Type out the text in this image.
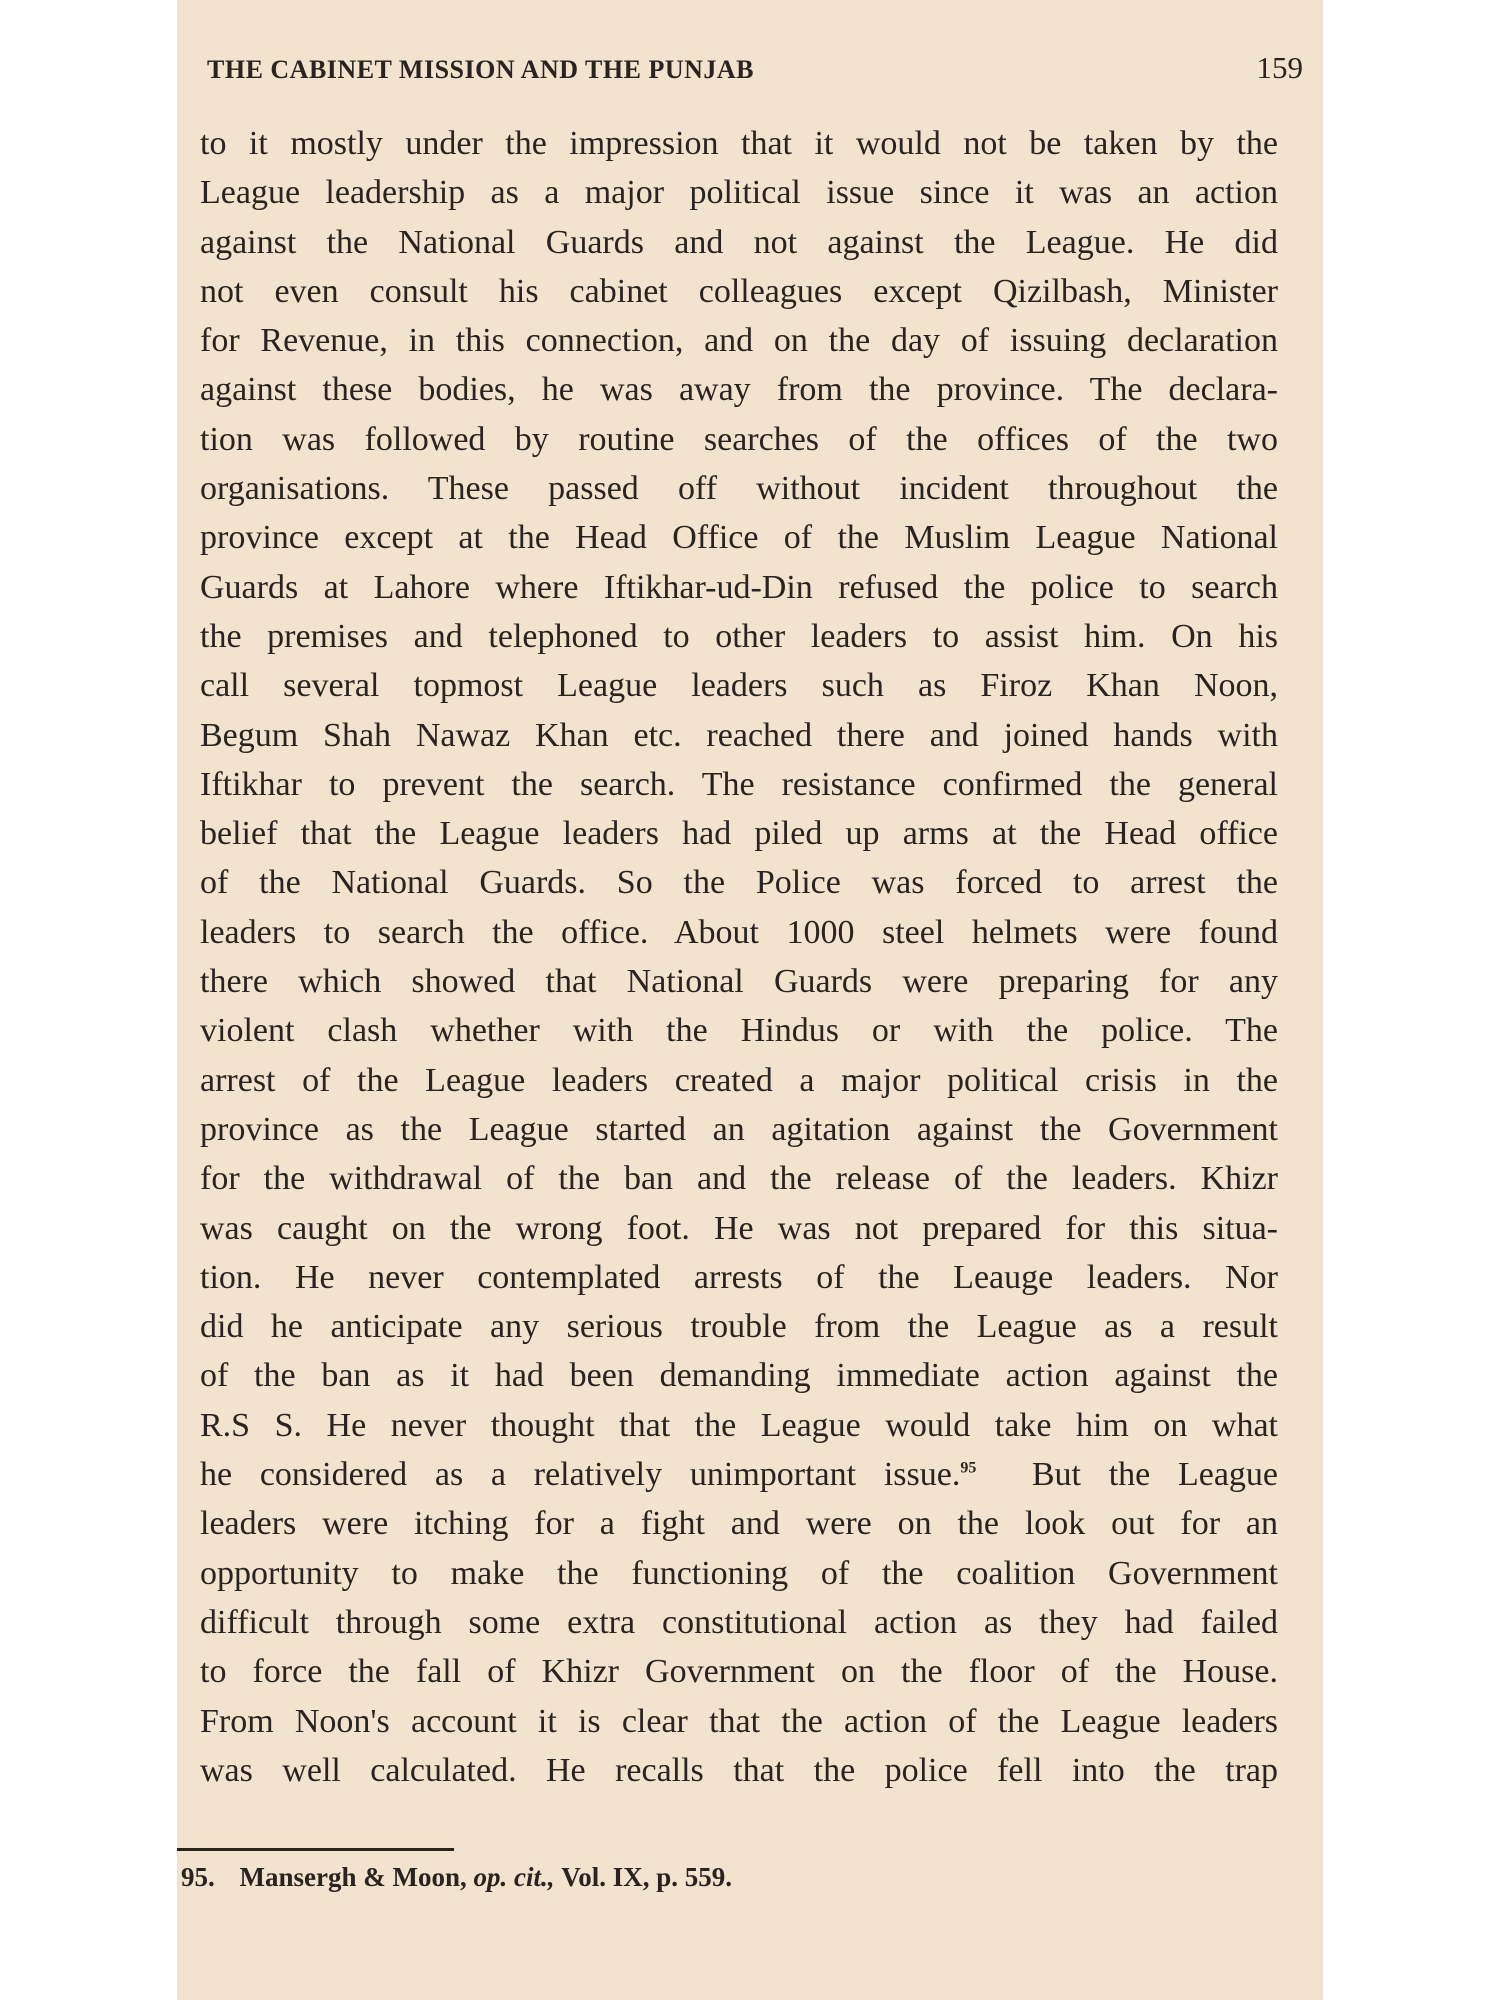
THE CABINET MISSION AND THE PUNJAB	159
to it mostly under the impression that it would not be taken by the
League leadership as a major political issue since it was an action
against the National Guards and not against the League. He did
not even consult his cabinet colleagues except Qizilbash, Minister
for Revenue, in this connection, and on the day of issuing declaration
against these bodies, he was away from the province. The declara-
tion was followed by routine searches of the offices of the two
organisations. These passed off without incident throughout the
province except at the Head Office of the Muslim League National
Guards at Lahore where Iftikhar-ud-Din refused the police to search
the premises and telephoned to other leaders to assist him. On his
call several topmost League leaders such as Firoz Khan Noon,
Begum Shah Nawaz Khan etc. reached there and joined hands with
Iftikhar to prevent the search. The resistance confirmed the general
belief that the League leaders had piled up arms at the Head office
of the National Guards. So the Police was forced to arrest the
leaders to search the office. About 1000 steel helmets were found
there which showed that National Guards were preparing for any
violent clash whether with the Hindus or with the police. The
arrest of the League leaders created a major political crisis in the
province as the League started an agitation against the Government
for the withdrawal of the ban and the release of the leaders. Khizr
was caught on the wrong foot. He was not prepared for this situa-
tion. He never contemplated arrests of the Leauge leaders. Nor
did he anticipate any serious trouble from the League as a result
of the ban as it had been demanding immediate action against the
R.S S. He never thought that the League would take him on what
he considered as a relatively unimportant issue.$^{95}$ But the League
leaders were itching for a fight and were on the look out for an
opportunity to make the functioning of the coalition Government
difficult through some extra constitutional action as they had failed
to force the fall of Khizr Government on the floor of the House.
From Noon's account it is clear that the action of the League leaders
was well calculated. He recalls that the police fell into the trap
95. Mansergh & Moon, op. cit., Vol. IX, p. 559.
